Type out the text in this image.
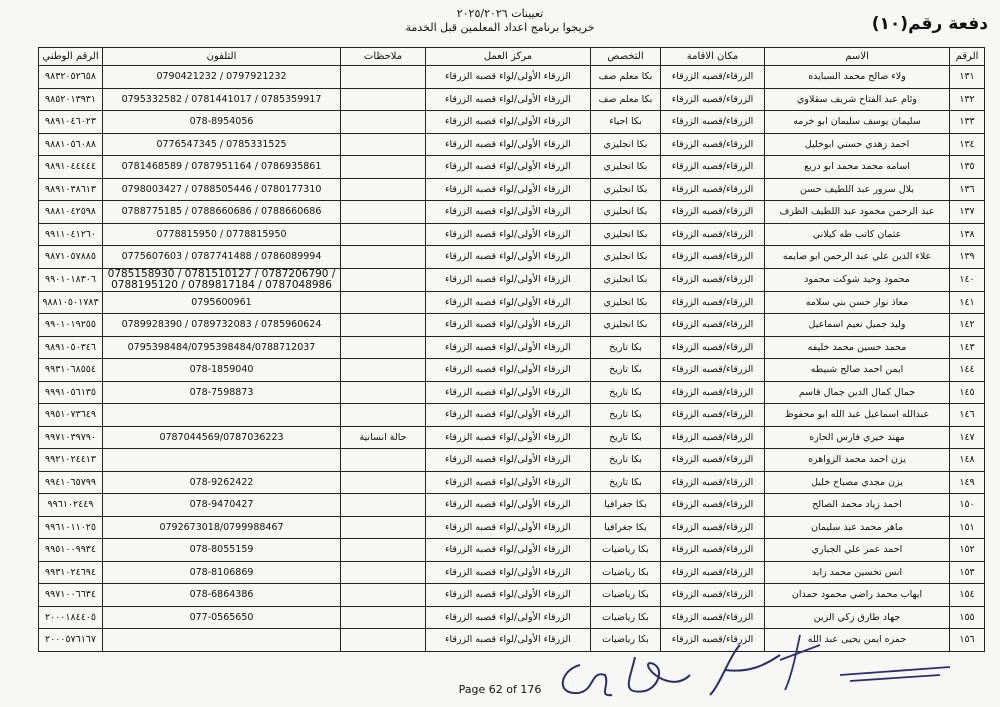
تعيينات ٢٠٢٥/٢٠٢٦
خريجوا برنامج اعداد المعلمين قبل الخدمة	دفعة رقم(١٠)
الرقم الوطني	التلفون	ملاحظات	مركز العمل	التخصص	مكان الاقامة	الاسم	الرقم
٩٨٣٢٠٥٢٦٥٨	0790421232 / 0797921232		الزرقاء الأولى/لواء قصبه الزرقاء	بكا معلم صف	الزرقاء/قصبه الزرقاء	ولاء صالح محمد السبايده	١٣١
٩٨٥٢٠١٣٩٣١	0795332582 / 0781441017 / 0785359917		الزرقاء الأولى/لواء قصبه الزرقاء	بكا معلم صف	الزرقاء/قصبه الزرقاء	وئام عبد الفتاح شريف سقلاوي	١٣٢
٩٨٩١٠٤٦٠٢٣	078-8954056		الزرقاء الأولى/لواء قصبه الزرقاء	بكا احياء	الزرقاء/قصبه الزرقاء	سليمان يوسف سليمان ابو خرمه	١٣٣
٩٨٨١٠٥٦٠٨٨	0776547345 / 0785331525		الزرقاء الأولى/لواء قصبه الزرقاء	بكا انجليزي	الزرقاء/قصبه الزرقاء	احمد زهدي حسني ابوخليل	١٣٤
٩٨٩١٠٤٤٤٤٤	0781468589 / 0787951164 / 0786935861		الزرقاء الأولى/لواء قصبه الزرقاء	بكا انجليزي	الزرقاء/قصبه الزرقاء	اسامه محمد محمد ابو دربع	١٣٥
٩٨٩١٠٣٨٦١٣	0798003427 / 0788505446 / 0780177310		الزرقاء الأولى/لواء قصبه الزرقاء	بكا انجليزي	الزرقاء/قصبه الزرقاء	بلال سرور عبد اللطيف حسن	١٣٦
٩٨٨١٠٤٢٥٩٨	0788775185 / 0788660686 / 0788660686		الزرقاء الأولى/لواء قصبه الزرقاء	بكا انجليزي	الزرقاء/قصبه الزرقاء	عبد الرحمن محمود عبد اللطيف الظرف	١٣٧
٩٩١١٠٤١٢٦٠	0778815950 / 0778815950		الزرقاء الأولى/لواء قصبه الزرقاء	بكا انجليزي	الزرقاء/قصبه الزرقاء	عثمان كاتب طه كيلاني	١٣٨
٩٨٧١٠٥٧٨٨٥	0775607603 / 0787741488 / 0786089994		الزرقاء الأولى/لواء قصبه الزرقاء	بكا انجليزي	الزرقاء/قصبه الزرقاء	علاء الدين علي عبد الرحمن ابو صايمه	١٣٩
٩٩٠١٠١٨٣٠٦	0785158930 / 0781510127 / 0787206790 / 0788195120 / 0789817184 / 0787048986		الزرقاء الأولى/لواء قصبه الزرقاء	بكا انجليزي	الزرقاء/قصبه الزرقاء	محمود وحيد شوكت محمود	١٤٠
٩٨٨١٠٥٠١٧٨٣	0795600961		الزرقاء الأولى/لواء قصبه الزرقاء	بكا انجليزي	الزرقاء/قصبه الزرقاء	معاذ نوار حسن بني سلامه	١٤١
٩٩٠١٠١٩٢٥٥	0789928390 / 0789732083 / 0785960624		الزرقاء الأولى/لواء قصبه الزرقاء	بكا انجليزي	الزرقاء/قصبه الزرقاء	وليد جميل نعيم اسماعيل	١٤٢
٩٨٩١٠٥٠٣٤٦	0795398484/0795398484/0788712037		الزرقاء الأولى/لواء قصبه الزرقاء	بكا تاريخ	الزرقاء/قصبه الزرقاء	محمد حسين محمد خليفه	١٤٣
٩٩٣١٠٦٨٥٥٤	078-1859040		الزرقاء الأولى/لواء قصبه الزرقاء	بكا تاريخ	الزرقاء/قصبه الزرقاء	ايمن احمد صالح شبيطه	١٤٤
٩٩٩١٠٥٦١٣٥	078-7598873		الزرقاء الأولى/لواء قصبه الزرقاء	بكا تاريخ	الزرقاء/قصبه الزرقاء	جمال كمال الدين جمال قاسم	١٤٥
٩٩٥١٠٧٣٦٤٩			الزرقاء الأولى/لواء قصبه الزرقاء	بكا تاريخ	الزرقاء/قصبه الزرقاء	عبدالله اسماعيل عبد الله ابو محفوظ	١٤٦
٩٩٧١٠٣٩٧٩٠	0787044569/0787036223	حالة انسانية	الزرقاء الأولى/لواء قصبه الزرقاء	بكا تاريخ	الزرقاء/قصبه الزرقاء	مهند خيري فارس الحاره	١٤٧
٩٩٢١٠٢٤٤١٣			الزرقاء الأولى/لواء قصبه الزرقاء	بكا تاريخ	الزرقاء/قصبه الزرقاء	يزن احمد محمد الزواهره	١٤٨
٩٩٤١٠٦٥٧٩٩	078-9262422		الزرقاء الأولى/لواء قصبه الزرقاء	بكا تاريخ	الزرقاء/قصبه الزرقاء	يزن مجدي مصباح خليل	١٤٩
٩٩٦١٠٢٤٤٩	078-9470427		الزرقاء الأولى/لواء قصبه الزرقاء	بكا جغرافيا	الزرقاء/قصبه الزرقاء	احمد زياد محمد الصالح	١٥٠
٩٩٦١٠١١٠٢٥	0792673018/0799988467		الزرقاء الأولى/لواء قصبه الزرقاء	بكا جغرافيا	الزرقاء/قصبه الزرقاء	ماهر محمد عبد سليمان	١٥١
٩٩٥١٠٠٩٩٣٤	078-8055159		الزرقاء الأولى/لواء قصبه الزرقاء	بكا رياضيات	الزرقاء/قصبه الزرقاء	احمد عمر علي الجباري	١٥٢
٩٩٣١٠٢٤٦٩٤	078-8106869		الزرقاء الأولى/لواء قصبه الزرقاء	بكا رياضيات	الزرقاء/قصبه الزرقاء	انس تحسين محمد زايد	١٥٣
٩٩٧١٠٠٦٦٣٤	078-6864386		الزرقاء الأولى/لواء قصبه الزرقاء	بكا رياضيات	الزرقاء/قصبه الزرقاء	ايهاب محمد راضي محمود حمدان	١٥٤
٢٠٠٠١٨٤٤٠٥	077-0565650		الزرقاء الأولى/لواء قصبه الزرقاء	بكا رياضيات	الزرقاء/قصبه الزرقاء	جهاد طارق زكي الزين	١٥٥
٢٠٠٠٥٧٦١٦٧			الزرقاء الأولى/لواء قصبه الزرقاء	بكا رياضيات	الزرقاء/قصبه الزرقاء	حمزه ايمن يحيى عبد الله	١٥٦
Page 62 of 176
